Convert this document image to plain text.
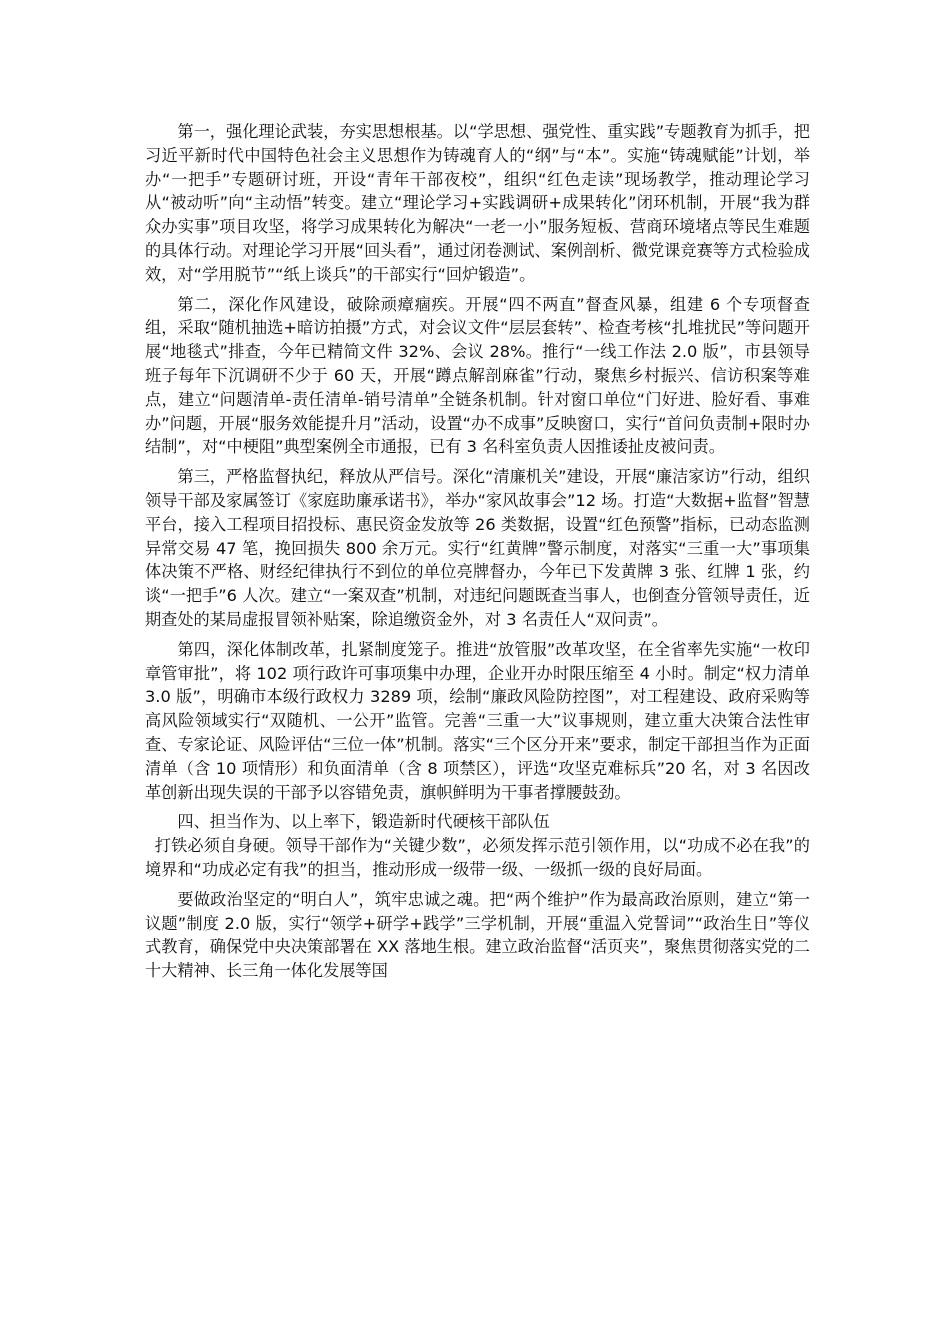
第一，强化理论武装，夯实思想根基。以“学思想、强党性、重实践”专题教育为抓手，把习近平新时代中国特色社会主义思想作为铸魂育人的“纲”与“本”。实施“铸魂赋能”计划，举办“一把手”专题研讨班，开设“青年干部夜校”，组织“红色走读”现场教学，推动理论学习从“被动听”向“主动悟”转变。建立“理论学习+实践调研+成果转化”闭环机制，开展“我为群众办实事”项目攻坚，将学习成果转化为解决“一老一小”服务短板、营商环境堵点等民生难题的具体行动。对理论学习开展“回头看”，通过闭卷测试、案例剖析、微党课竞赛等方式检验成效，对“学用脱节”“纸上谈兵”的干部实行“回炉锻造”。

第二，深化作风建设，破除顽瘴痼疾。开展“四不两直”督查风暴，组建 6 个专项督查组，采取“随机抽选+暗访拍摄”方式，对会议文件“层层套转”、检查考核“扎堆扰民”等问题开展“地毯式”排查，今年已精简文件 32%、会议 28%。推行“一线工作法 2.0 版”，市县领导班子每年下沉调研不少于 60 天，开展“蹲点解剖麻雀”行动，聚焦乡村振兴、信访积案等难点，建立“问题清单-责任清单-销号清单”全链条机制。针对窗口单位“门好进、脸好看、事难办”问题，开展“服务效能提升月”活动，设置“办不成事”反映窗口，实行“首问负责制+限时办结制”，对“中梗阻”典型案例全市通报，已有 3 名科室负责人因推诿扯皮被问责。

第三，严格监督执纪，释放从严信号。深化“清廉机关”建设，开展“廉洁家访”行动，组织领导干部及家属签订《家庭助廉承诺书》，举办“家风故事会”12 场。打造“大数据+监督”智慧平台，接入工程项目招投标、惠民资金发放等 26 类数据，设置“红色预警”指标，已动态监测异常交易 47 笔，挽回损失 800 余万元。实行“红黄牌”警示制度，对落实“三重一大”事项集体决策不严格、财经纪律执行不到位的单位亮牌督办，今年已下发黄牌 3 张、红牌 1 张，约谈“一把手”6 人次。建立“一案双查”机制，对违纪问题既查当事人，也倒查分管领导责任，近期查处的某局虚报冒领补贴案，除追缴资金外，对 3 名责任人“双问责”。

第四，深化体制改革，扎紧制度笼子。推进“放管服”改革攻坚，在全省率先实施“一枚印章管审批”，将 102 项行政许可事项集中办理，企业开办时限压缩至 4 小时。制定“权力清单 3.0 版”，明确市本级行政权力 3289 项，绘制“廉政风险防控图”，对工程建设、政府采购等高风险领域实行“双随机、一公开”监管。完善“三重一大”议事规则，建立重大决策合法性审查、专家论证、风险评估“三位一体”机制。落实“三个区分开来”要求，制定干部担当作为正面清单（含 10 项情形）和负面清单（含 8 项禁区），评选“攻坚克难标兵”20 名，对 3 名因改革创新出现失误的干部予以容错免责，旗帜鲜明为干事者撑腰鼓劲。

四、担当作为、以上率下，锻造新时代硬核干部队伍

打铁必须自身硬。领导干部作为“关键少数”，必须发挥示范引领作用，以“功成不必在我”的境界和“功成必定有我”的担当，推动形成一级带一级、一级抓一级的良好局面。

要做政治坚定的“明白人”，筑牢忠诚之魂。把“两个维护”作为最高政治原则，建立“第一议题”制度 2.0 版，实行“领学+研学+践学”三学机制，开展“重温入党誓词”“政治生日”等仪式教育，确保党中央决策部署在 XX 落地生根。建立政治监督“活页夹”，聚焦贯彻落实党的二十大精神、长三角一体化发展等国
